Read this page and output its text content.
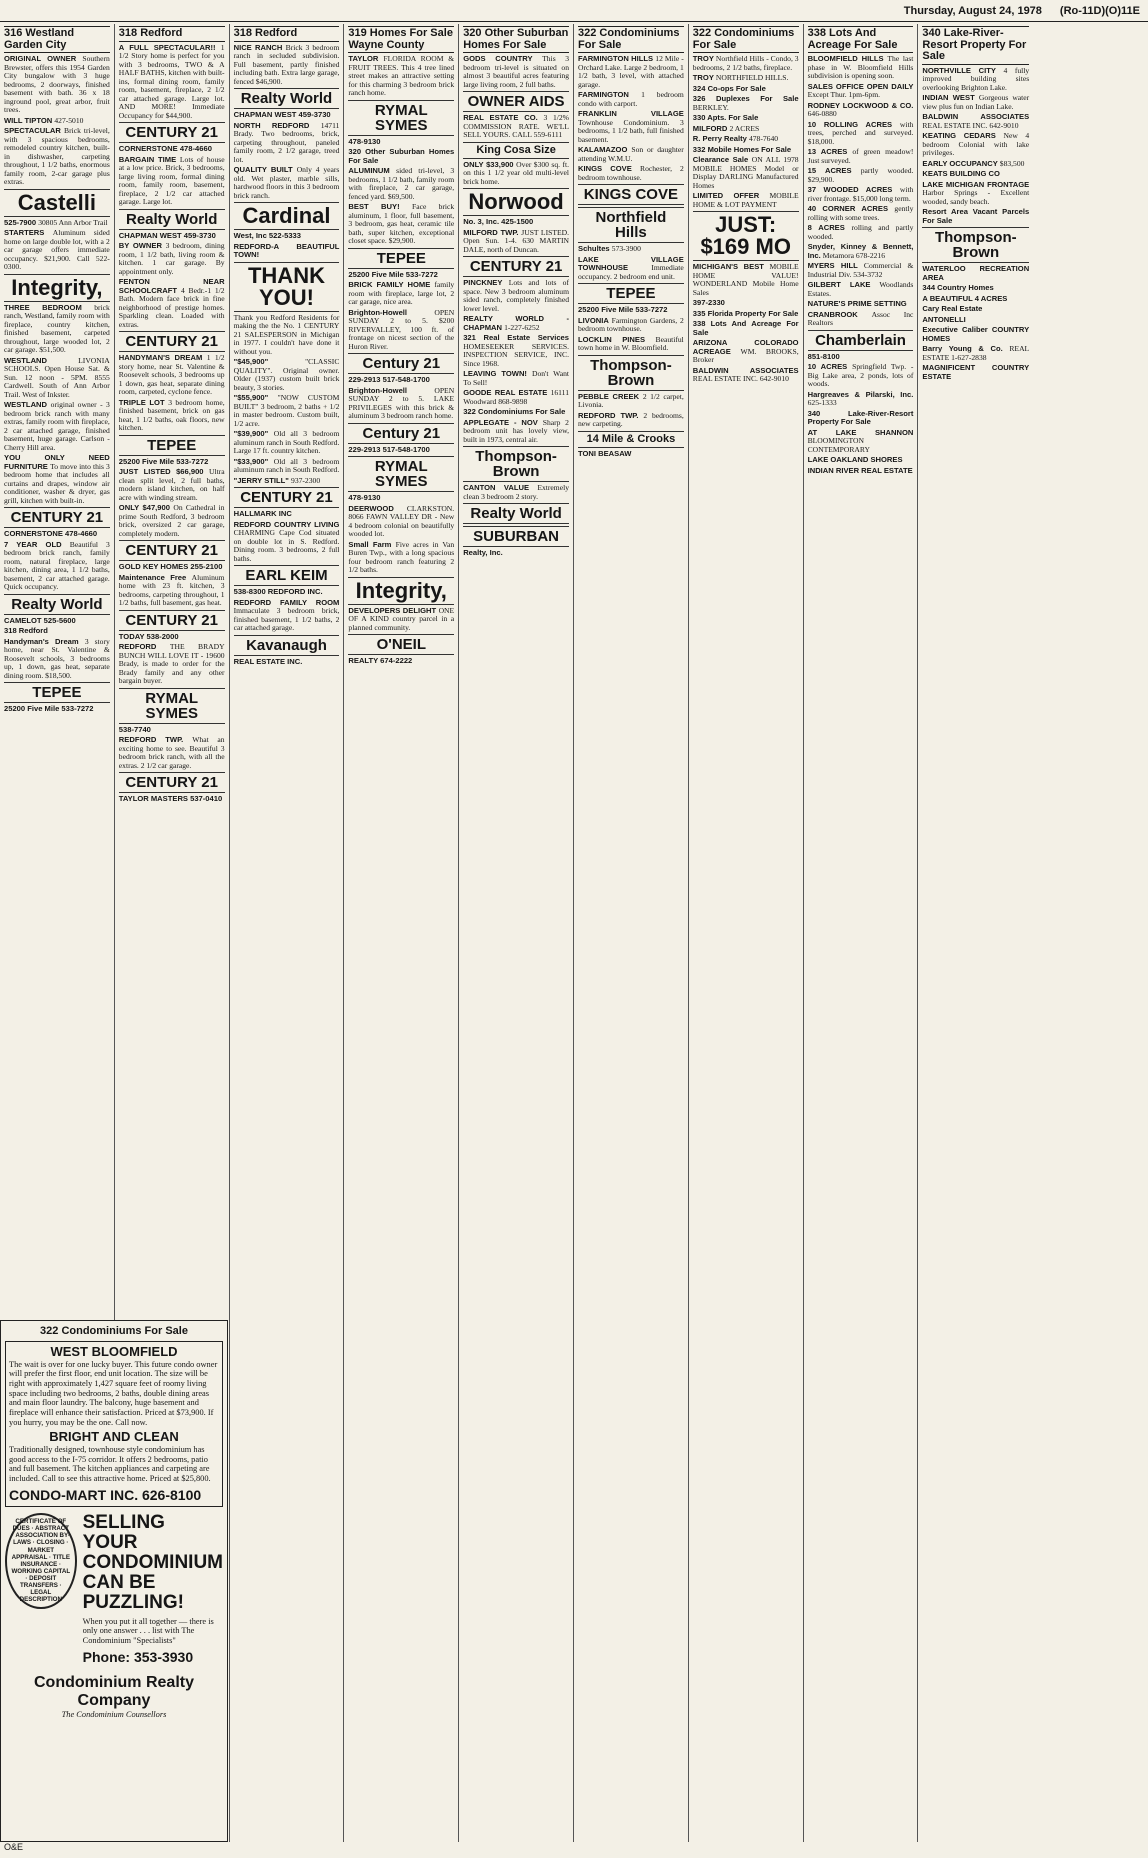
Thursday, August 24, 1978 (Ro-11D)(O)11E
316 Westland Garden City
ORIGINAL OWNER Southern Brewster, offers this 1954 Garden City bungalow with 3 huge bedrooms, 2 doorways, finished basement with bath. 36 x 18 inground pool, great arbor, fruit trees.
WILL TIPTON 427-5010
SPECTACULAR Brick tri-level, with 3 spacious bedrooms, remodeled country kitchen, built-in dishwasher, carpeting throughout, 1 1/2 baths, enormous family room, 2-car garage plus extras.
Castelli
525-7900 30805 Ann Arbor Trail
STARTERS Aluminum sided home on large double lot, with a 2 car garage offers immediate occupancy. $21,900. Call 522-0300.
Integrity,
THREE BEDROOM brick ranch, Westland, family room with fireplace, country kitchen, finished basement, carpeted throughout, large wooded lot, 2 car garage. $51,500.
WESTLAND LIVONIA SCHOOLS. Open House Sat. & Sun. 12 noon - 5PM. 8555 Cardwell. South of Ann Arbor Trail. West of Inkster.
WESTLAND original owner - 3 bedroom brick ranch with many extras, family room with fireplace, 2 car attached garage, finished basement, huge garage. Carlson - Cherry Hill area.
YOU ONLY NEED FURNITURE To move into this 3 bedroom home that includes all curtains and drapes, window air conditioner, washer & dryer, gas grill, kitchen with built-in.
CENTURY 21
CORNERSTONE 478-4660
7 YEAR OLD Beautiful 3 bedroom brick ranch, family room, natural fireplace, large kitchen, dining area, 1 1/2 baths, basement, 2 car attached garage. Quick occupancy.
Realty World
CAMELOT 525-5600
318 Redford
Handyman's Dream 3 story home, near St. Valentine & Roosevelt schools, 3 bedrooms up, 1 down, gas heat, separate dining room. $18,500.
TEPEE
25200 Five Mile 533-7272
318 Redford
A FULL SPECTACULAR!! 1 1/2 Story home is perfect for you with 3 bedrooms, TWO & A HALF BATHS, kitchen with built-ins, formal dining room, family room, basement, fireplace, 2 1/2 car attached garage. Large lot. AND MORE! Immediate Occupancy for $44,900.
CENTURY 21
CORNERSTONE 478-4660
BARGAIN TIME Lots of house at a low price. Brick, 3 bedrooms, large living room, formal dining room, family room, basement, fireplace, 2 1/2 car attached garage. Large lot.
Realty World
CHAPMAN WEST 459-3730
BY OWNER 3 bedroom, dining room, 1 1/2 bath, living room & kitchen. 1 car garage. By appointment only.
FENTON NEAR SCHOOLCRAFT 4 Bedr.-1 1/2 Bath. Modern face brick in fine neighborhood of prestige homes. Sparkling clean. Loaded with extras.
CENTURY 21
HANDYMAN'S DREAM 1 1/2 story home, near St. Valentine & Roosevelt schools, 3 bedrooms up 1 down, gas heat, separate dining room, carpeted, cyclone fence.
TRIPLE LOT 3 bedroom home, finished basement, brick on gas heat, 1 1/2 baths, oak floors, new kitchen.
TEPEE
25200 Five Mile 533-7272
JUST LISTED $66,900 Ultra clean split level, 2 full baths, modern island kitchen, on half acre with winding stream.
ONLY $47,900 On Cathedral in prime South Redford, 3 bedroom brick, oversized 2 car garage, completely modern.
CENTURY 21
GOLD KEY HOMES 255-2100
Maintenance Free Aluminum home with 23 ft. kitchen, 3 bedrooms, carpeting throughout, 1 1/2 baths, full basement, gas heat.
CENTURY 21
TODAY 538-2000
REDFORD THE BRADY BUNCH WILL LOVE IT - 19600 Brady, is made to order for the Brady family and any other bargain buyer.
RYMAL SYMES
538-7740
REDFORD TWP. What an exciting home to see. Beautiful 3 bedroom brick ranch, with all the extras. 2 1/2 car garage.
CENTURY 21
TAYLOR MASTERS 537-0410
318 Redford
NICE RANCH Brick 3 bedroom ranch in secluded subdivision. Full basement, partly finished including bath. Extra large garage, fenced $46,900.
Realty World
CHAPMAN WEST 459-3730
NORTH REDFORD 14711 Brady. Two bedrooms, brick, carpeting throughout, paneled family room, 2 1/2 garage, treed lot.
QUALITY BUILT Only 4 years old. Wet plaster, marble sills, hardwood floors in this 3 bedroom brick ranch.
Cardinal
West, Inc 522-5333
REDFORD-A BEAUTIFUL TOWN!
THANK YOU!
Thank you Redford Residents for making the the No. 1 CENTURY 21 SALESPERSON in Michigan in 1977. I couldn't have done it without you.
"$45,900" "CLASSIC QUALITY". Original owner. Older (1937) custom built brick beauty, 3 stories.
"$55,900" "NOW CUSTOM BUILT" 3 bedroom, 2 baths + 1/2 in master bedroom. Custom built, 1/2 acre.
"$39,900" Old all 3 bedroom aluminum ranch in South Redford. Large 17 ft. country kitchen.
"$33,900" Old all 3 bedroom aluminum ranch in South Redford.
"JERRY STILL" 937-2300
CENTURY 21
HALLMARK INC
REDFORD COUNTRY LIVING CHARMING Cape Cod situated on double lot in S. Redford. Dining room. 3 bedrooms, 2 full baths.
EARL KEIM
538-8300 REDFORD INC.
REDFORD FAMILY ROOM Immaculate 3 bedroom brick, finished basement, 1 1/2 baths, 2 car attached garage.
Kavanaugh
REAL ESTATE INC.
319 Homes For Sale Wayne County
TAYLOR FLORIDA ROOM & FRUIT TREES. This 4 tree lined street makes an attractive setting for this charming 3 bedroom brick ranch home.
RYMAL SYMES
478-9130
320 Other Suburban Homes For Sale
ALUMINUM sided tri-level, 3 bedrooms, 1 1/2 bath, family room with fireplace, 2 car garage, fenced yard. $69,500.
BEST BUY! Face brick aluminum, 1 floor, full basement, 3 bedroom, gas heat, ceramic tile bath, super kitchen, exceptional closet space. $29,900.
TEPEE
25200 Five Mile 533-7272
BRICK FAMILY HOME family room with fireplace, large lot, 2 car garage, nice area.
Brighton-Howell OPEN SUNDAY 2 to 5. $200 RIVERVALLEY, 100 ft. of frontage on nicest section of the Huron River.
Century 21
229-2913 517-548-1700
Brighton-Howell OPEN SUNDAY 2 to 5. LAKE PRIVILEGES with this brick & aluminum 3 bedroom ranch home.
Century 21
229-2913 517-548-1700
RYMAL SYMES
478-9130
DEERWOOD CLARKSTON. 8066 FAWN VALLEY DR - New 4 bedroom colonial on beautifully wooded lot.
Small Farm Five acres in Van Buren Twp., with a long spacious four bedroom ranch featuring 2 1/2 baths.
Integrity,
DEVELOPERS DELIGHT ONE OF A KIND country parcel in a planned community.
O'NEIL
REALTY 674-2222
320 Other Suburban Homes For Sale
GODS COUNTRY This 3 bedroom tri-level is situated on almost 3 beautiful acres featuring large living room, 2 full baths.
OWNER AIDS
REAL ESTATE CO. 3 1/2% COMMISSION RATE. WE'LL SELL YOURS. CALL 559-6111
King Cosa Size
ONLY $33,900 Over $300 sq. ft. on this 1 1/2 year old multi-level brick home.
Norwood
No. 3, Inc. 425-1500
MILFORD TWP. JUST LISTED. Open Sun. 1-4. 630 MARTIN DALE, north of Duncan.
CENTURY 21
PINCKNEY Lots and lots of space. New 3 bedroom aluminum sided ranch, completely finished lower level.
REALTY WORLD - CHAPMAN 1-227-6252
321 Real Estate Services HOMESEEKER SERVICES. INSPECTION SERVICE, INC. Since 1968.
LEAVING TOWN! Don't Want To Sell!
GOODE REAL ESTATE 16111 Woodward 868-9898
322 Condominiums For Sale
APPLEGATE - NOV Sharp 2 bedroom unit has lovely view, built in 1973, central air.
Thompson-Brown
CANTON VALUE Extremely clean 3 bedroom 2 story.
Realty World
SUBURBAN
Realty, Inc.
322 Condominiums For Sale
FARMINGTON HILLS 12 Mile - Orchard Lake. Large 2 bedroom, 1 1/2 bath, 3 level, with attached garage.
FARMINGTON 1 bedroom condo with carport.
FRANKLIN VILLAGE Townhouse Condominium. 3 bedrooms, 1 1/2 bath, full finished basement.
KALAMAZOO Son or daughter attending W.M.U.
KINGS COVE Rochester, 2 bedroom townhouse.
KINGS COVE
Northfield Hills
Schultes 573-3900
LAKE VILLAGE TOWNHOUSE Immediate occupancy. 2 bedroom end unit.
TEPEE
25200 Five Mile 533-7272
LIVONIA Farmington Gardens, 2 bedroom townhouse.
LOCKLIN PINES Beautiful town home in W. Bloomfield.
Thompson-Brown
PEBBLE CREEK 2 1/2 carpet, Livonia.
REDFORD TWP. 2 bedrooms, new carpeting.
14 Mile & Crooks
TONI BEASAW
322 Condominiums For Sale
TROY Northfield Hills - Condo, 3 bedrooms, 2 1/2 baths, fireplace.
TROY NORTHFIELD HILLS.
324 Co-ops For Sale
326 Duplexes For Sale BERKLEY.
330 Apts. For Sale
MILFORD 2 ACRES
R. Perry Realty 478-7640
332 Mobile Homes For Sale
Clearance Sale ON ALL 1978 MOBILE HOMES Model or Display DARLING Manufactured Homes
LIMITED OFFER MOBILE HOME & LOT PAYMENT
JUST: $169 MO
MICHIGAN'S BEST MOBILE HOME VALUE! WONDERLAND Mobile Home Sales
397-2330
335 Florida Property For Sale
338 Lots And Acreage For Sale
ARIZONA COLORADO ACREAGE WM. BROOKS, Broker
BALDWIN ASSOCIATES REAL ESTATE INC. 642-9010
338 Lots And Acreage For Sale
BLOOMFIELD HILLS The last phase in W. Bloomfield Hills subdivision is opening soon.
SALES OFFICE OPEN DAILY Except Thur. 1pm-6pm.
RODNEY LOCKWOOD & CO. 646-0880
10 ROLLING ACRES with trees, perched and surveyed. $18,000.
13 ACRES of green meadow! Just surveyed.
15 ACRES partly wooded. $29,900.
37 WOODED ACRES with river frontage. $15,000 long term.
40 CORNER ACRES gently rolling with some trees.
8 ACRES rolling and partly wooded.
Snyder, Kinney & Bennett, Inc. Metamora 678-2216
MYERS HILL Commercial & Industrial Div. 534-3732
GILBERT LAKE Woodlands Estates.
NATURE'S PRIME SETTING
CRANBROOK Assoc Inc Realtors
Chamberlain
851-8100
10 ACRES Springfield Twp. - Big Lake area, 2 ponds, lots of woods.
Hargreaves & Pilarski, Inc. 625-1333
340 Lake-River-Resort Property For Sale
AT LAKE SHANNON BLOOMINGTON CONTEMPORARY
LAKE OAKLAND SHORES
INDIAN RIVER REAL ESTATE
340 Lake-River-Resort Property For Sale
NORTHVILLE CITY 4 fully improved building sites overlooking Brighton Lake.
INDIAN WEST Gorgeous water view plus fun on Indian Lake.
BALDWIN ASSOCIATES REAL ESTATE INC. 642-9010
KEATING CEDARS New 4 bedroom Colonial with lake privileges.
EARLY OCCUPANCY $83,500
KEATS BUILDING CO
LAKE MICHIGAN FRONTAGE Harbor Springs - Excellent wooded, sandy beach.
Resort Area Vacant Parcels For Sale
Thompson-Brown
WATERLOO RECREATION AREA
344 Country Homes
A BEAUTIFUL 4 ACRES
Cary Real Estate
ANTONELLI
Executive Caliber COUNTRY HOMES
Barry Young & Co. REAL ESTATE 1-627-2838
MAGNIFICENT COUNTRY ESTATE
322 Condominiums For Sale
WEST BLOOMFIELD
The wait is over for one lucky buyer. This future condo owner will prefer the first floor, end unit location. The size will be right with approximately 1,427 square feet of roomy living space including two bedrooms, 2 baths, double dining areas and main floor laundry. The balcony, huge basement and fireplace will enhance their satisfaction. Priced at $73,900. If you hurry, you may be the one. Call now.
BRIGHT AND CLEAN
Traditionally designed, townhouse style condominium has good access to the I-75 corridor. It offers 2 bedrooms, patio and full basement. The kitchen appliances and carpeting are included. Call to see this attractive home. Priced at $25,800.
CONDO-MART INC. 626-8100
CERTIFICATE OF DUES · ABSTRACT · ASSOCIATION BY-LAWS · CLOSING · MARKET APPRAISAL · TITLE INSURANCE · WORKING CAPITAL · DEPOSIT TRANSFERS · LEGAL DESCRIPTION
SELLING YOUR CONDOMINIUM CAN BE PUZZLING!
When you put it all together — there is only one answer . . . list with The Condominium "Specialists"
Phone: 353-3930
Condominium Realty Company
The Condominium Counsellors
O&E
